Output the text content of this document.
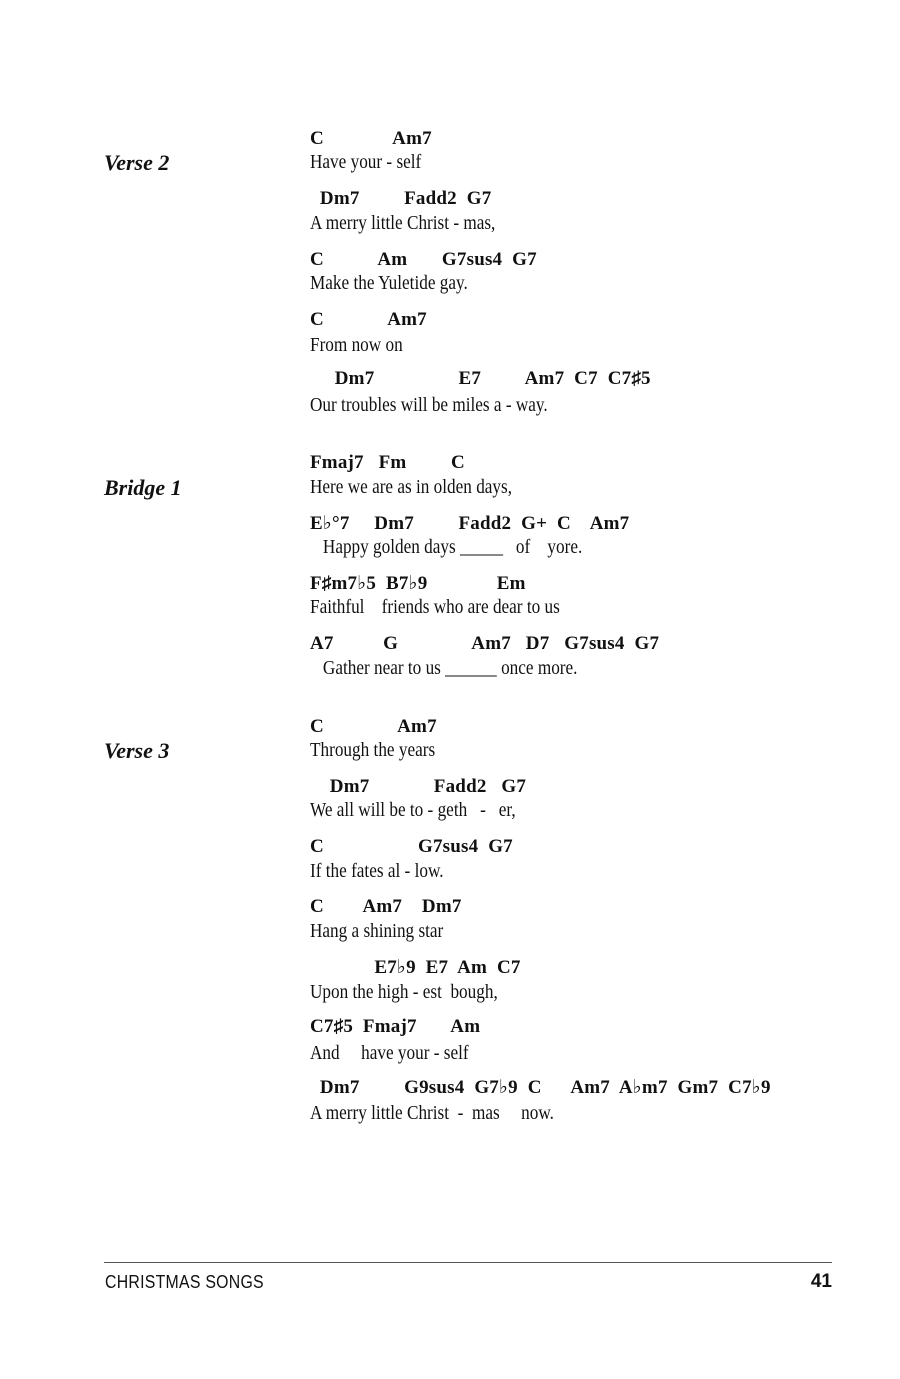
Verse 2
C              Am7
Have your - self
Dm7         Fadd2  G7
A merry little Christ - mas,
C           Am       G7sus4  G7
Make the Yuletide gay.
C             Am7
From now on
Dm7                 E7         Am7  C7  C7♯5
Our troubles will be miles a - way.
Bridge 1
Fmaj7   Fm         C
Here we are as in olden days,
E♭°7     Dm7         Fadd2  G+  C    Am7
Happy golden days _____   of    yore.
F♯m7♭5  B7♭9              Em
Faithful    friends who are dear to us
A7          G               Am7   D7   G7sus4  G7
Gather near to us ______ once more.
Verse 3
C               Am7
Through the years
Dm7             Fadd2   G7
We all will be to - geth   -   er,
C                   G7sus4  G7
If the fates al - low.
C        Am7    Dm7
Hang a shining star
E7♭9  E7  Am  C7
Upon the high - est  bough,
C7♯5  Fmaj7       Am
And     have your - self
Dm7         G9sus4  G7♭9  C      Am7  A♭m7  Gm7  C7♭9
A merry little Christ  -  mas     now.
CHRISTMAS SONGS	41
